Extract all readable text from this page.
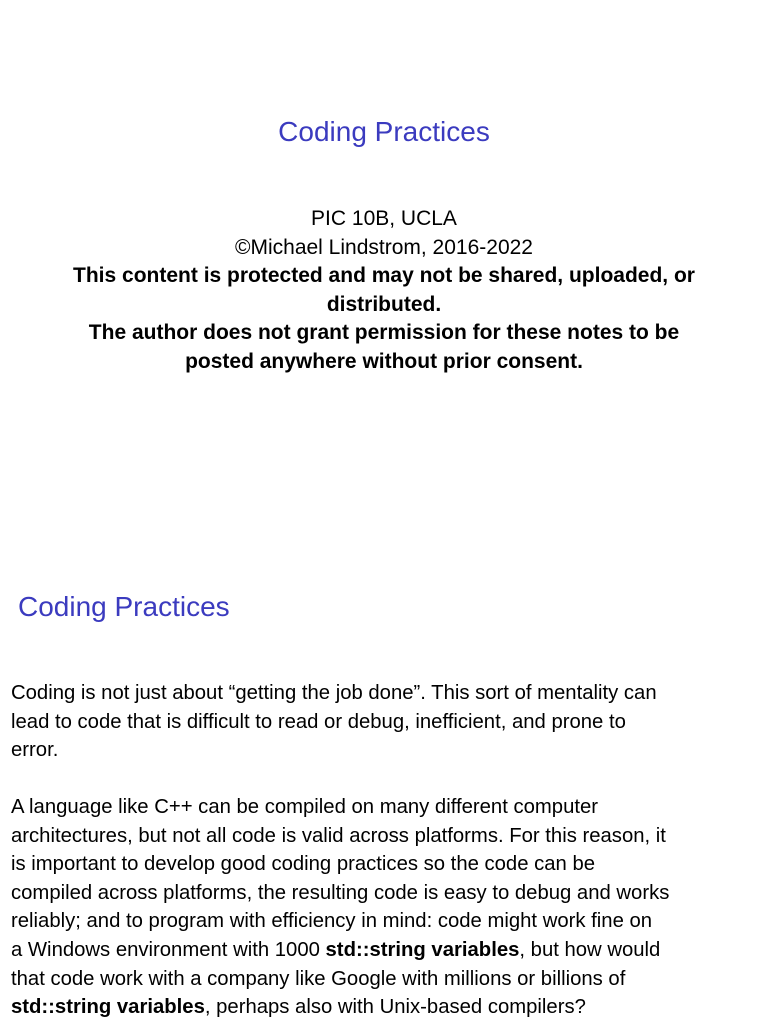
Coding Practices
PIC 10B, UCLA
©Michael Lindstrom, 2016-2022
This content is protected and may not be shared, uploaded, or
distributed.
The author does not grant permission for these notes to be
posted anywhere without prior consent.
Coding Practices
Coding is not just about “getting the job done”. This sort of mentality can
lead to code that is difficult to read or debug, inefficient, and prone to
error.
A language like C++ can be compiled on many different computer
architectures, but not all code is valid across platforms. For this reason, it
is important to develop good coding practices so the code can be
compiled across platforms, the resulting code is easy to debug and works
reliably; and to program with efficiency in mind: code might work fine on
a Windows environment with 1000 std::string variables, but how would
that code work with a company like Google with millions or billions of
std::string variables, perhaps also with Unix-based compilers?
